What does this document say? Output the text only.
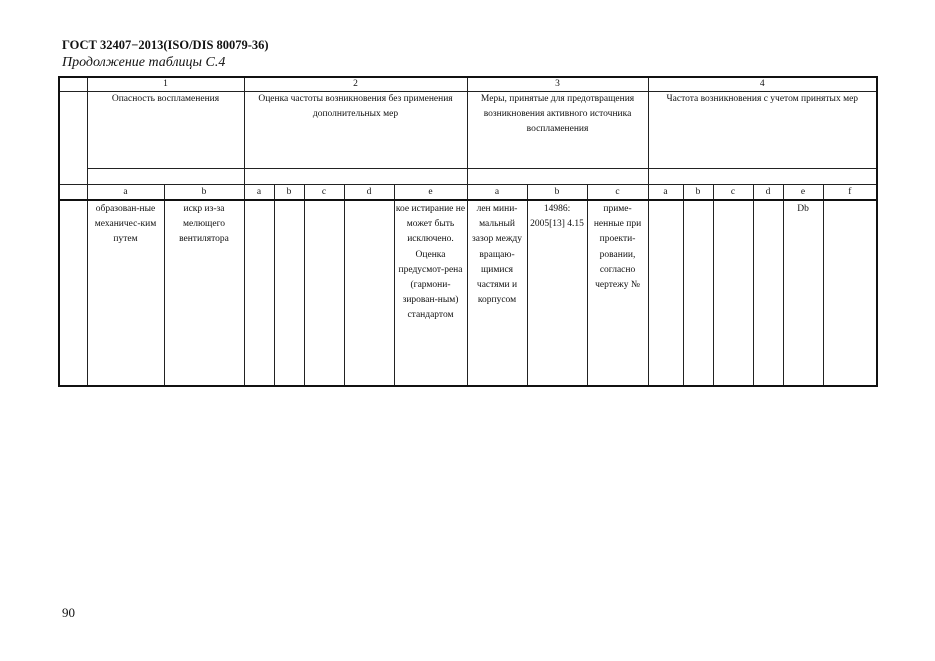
ГОСТ 32407−2013(ISO/DIS 80079-36)
Продолжение таблицы С.4
	1		2					3			4					
	Опасность воспламенения		Оценка частоты возникновения без применения дополнительных мер					Меры, принятые для предотвращения возникновения активного источника воспламенения			Частота возникновения с учетом принятых мер					

	a	b	a	b	c	d	e	a	b	c	a	b	c	d	e	f
	образован-ные механичес-ким путем	искр из-за мелющего вентилятора					кое истирание не может быть исключено. Оценка предусмот-рена (гармони-зирован-ным) стандартом	лен мини-мальный зазор между вращаю-щимися частями и корпусом	14986: 2005[13] 4.15	приме-ненные при проекти-ровании, согласно чертежу №					Db	
90
